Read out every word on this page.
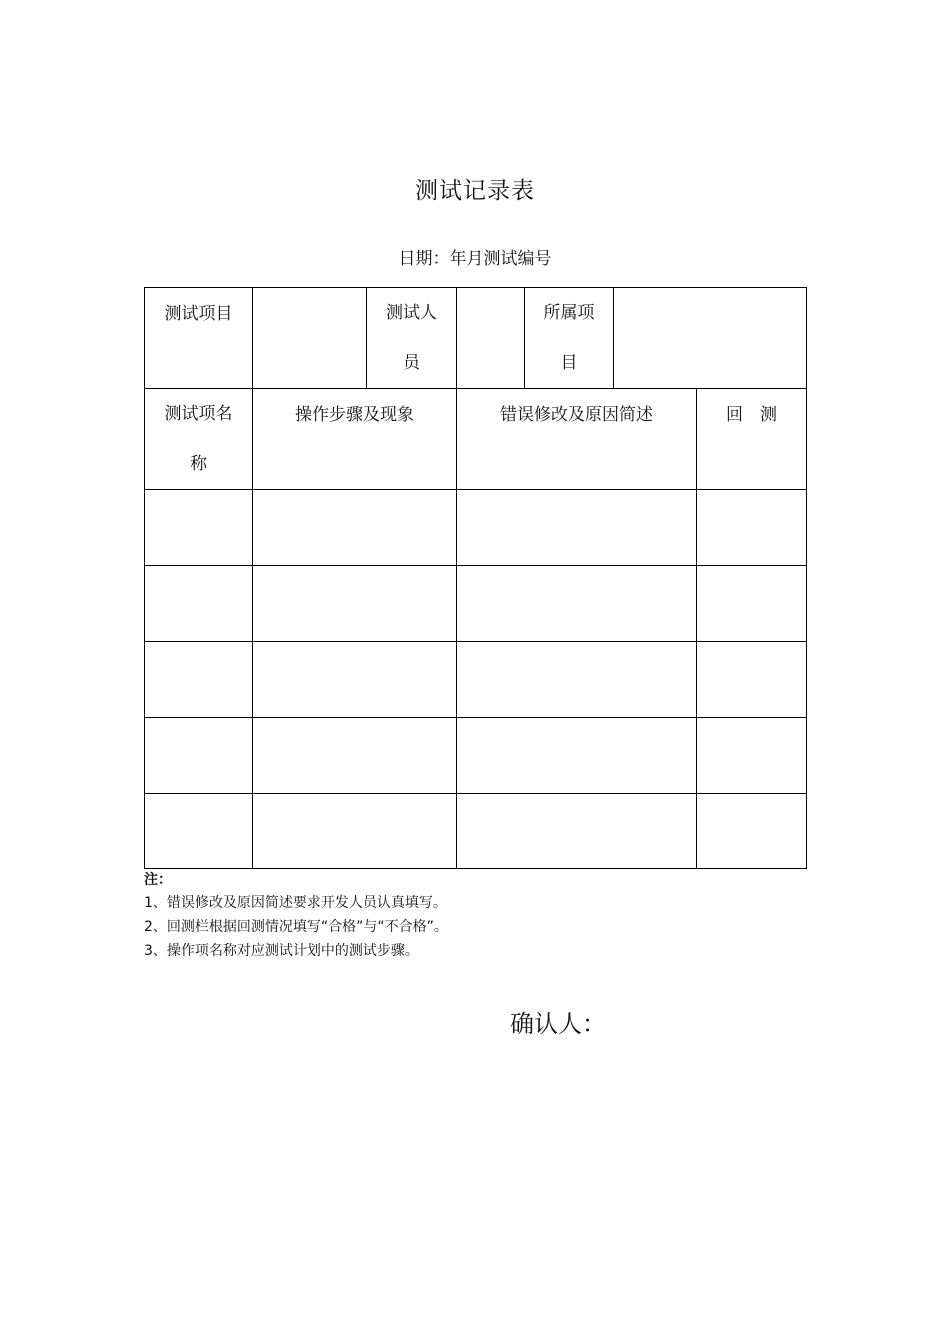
测试记录表
日期：年月测试编号
测试项目		测试人员		所属项目		

测试项名称	操作步骤及现象		错误修改及原因简述			回　测

注：
1、错误修改及原因简述要求开发人员认真填写。
2、回测栏根据回测情况填写“合格”与“不合格”。
3、操作项名称对应测试计划中的测试步骤。
确认人：
